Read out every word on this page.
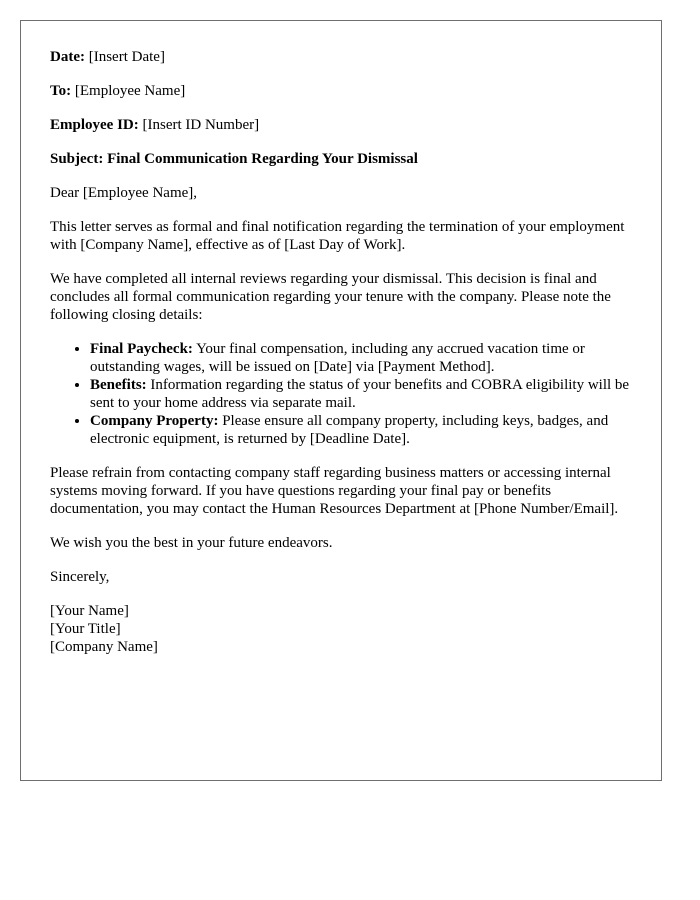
Date: [Insert Date]

To: [Employee Name]

Employee ID: [Insert ID Number]

Subject: Final Communication Regarding Your Dismissal

Dear [Employee Name],

This letter serves as formal and final notification regarding the termination of your employment with [Company Name], effective as of [Last Day of Work].

We have completed all internal reviews regarding your dismissal. This decision is final and concludes all formal communication regarding your tenure with the company. Please note the following closing details:

• Final Paycheck: Your final compensation, including any accrued vacation time or outstanding wages, will be issued on [Date] via [Payment Method].
• Benefits: Information regarding the status of your benefits and COBRA eligibility will be sent to your home address via separate mail.
• Company Property: Please ensure all company property, including keys, badges, and electronic equipment, is returned by [Deadline Date].

Please refrain from contacting company staff regarding business matters or accessing internal systems moving forward. If you have questions regarding your final pay or benefits documentation, you may contact the Human Resources Department at [Phone Number/Email].

We wish you the best in your future endeavors.

Sincerely,

[Your Name]
[Your Title]
[Company Name]
